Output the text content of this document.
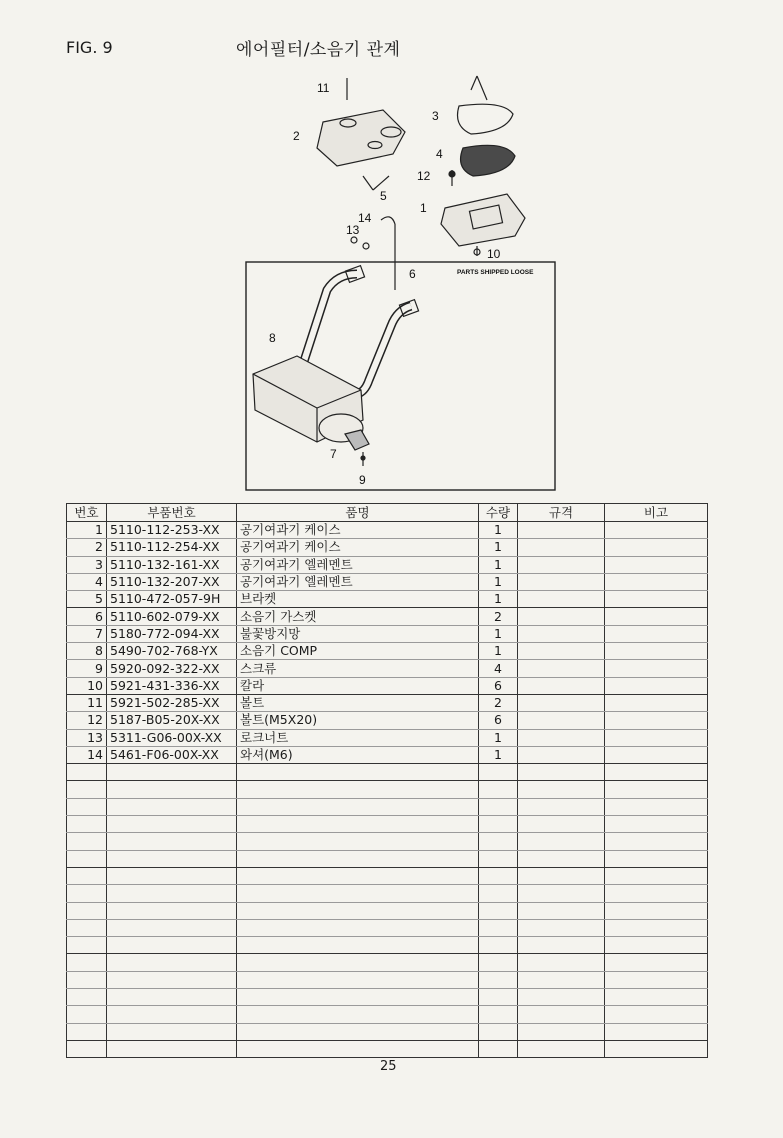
FIG. 9	에어필터/소음기 관계
11
2
3
4
12
1
10
5
14
13
6
8
7
9
PARTS SHIPPED LOOSE
번호	부품번호	품명	수량	규격	비고
1	5110-112-253-XX	공기여과기 케이스	1		
2	5110-112-254-XX	공기여과기 케이스	1		
3	5110-132-161-XX	공기여과기 엘레멘트	1		
4	5110-132-207-XX	공기여과기 엘레멘트	1		
5	5110-472-057-9H	브라켓	1		
6	5110-602-079-XX	소음기 가스켓	2		
7	5180-772-094-XX	불꽃방지망	1		
8	5490-702-768-YX	소음기 COMP	1		
9	5920-092-322-XX	스크류	4		
10	5921-431-336-XX	칼라	6		
11	5921-502-285-XX	볼트	2		
12	5187-B05-20X-XX	볼트(M5X20)	6		
13	5311-G06-00X-XX	로크너트	1		
14	5461-F06-00X-XX	와셔(M6)	1		

25
